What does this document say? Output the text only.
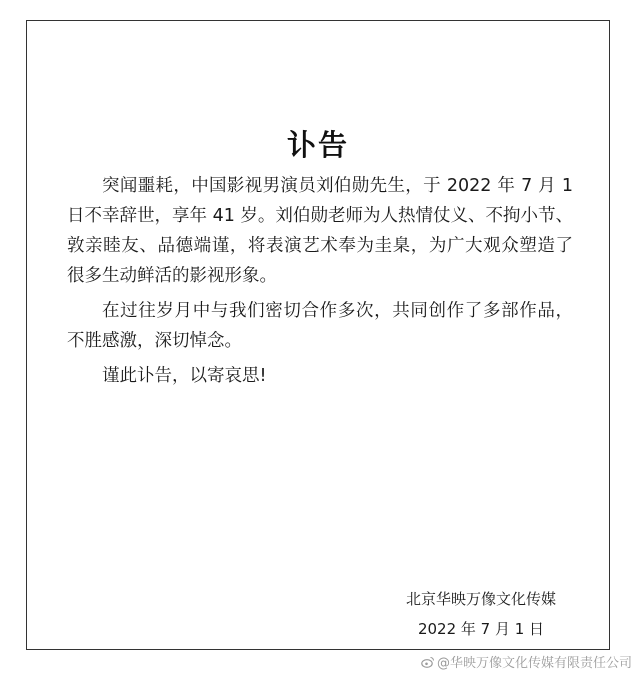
讣告

突闻噩耗，中国影视男演员刘伯勋先生，于 2022 年 7 月 1 日不幸辞世，享年 41 岁。刘伯勋老师为人热情仗义、不拘小节、敦亲睦友、品德端谨，将表演艺术奉为圭臬，为广大观众塑造了很多生动鲜活的影视形象。

在过往岁月中与我们密切合作多次，共同创作了多部作品，不胜感激，深切悼念。

谨此讣告，以寄哀思!

北京华映万像文化传媒
2022 年 7 月 1 日
@华映万像文化传媒有限责任公司
